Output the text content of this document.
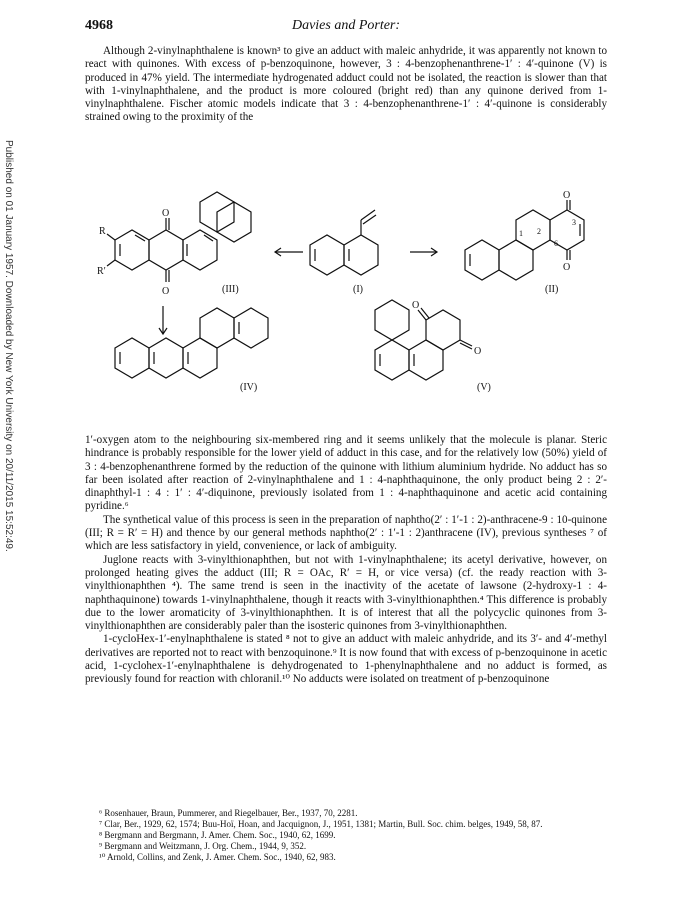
Published on 01 January 1957. Downloaded by New York University on 20/11/2015 15:52:49.
4968	Davies and Porter:

Although 2-vinylnaphthalene is known³ to give an adduct with maleic anhydride, it was apparently not known to react with quinones. With excess of p-benzoquinone, however, 3 : 4-benzophenanthrene-1′ : 4′-quinone (V) is produced in 47% yield. The intermediate hydrogenated adduct could not be isolated, the reaction is slower than that with 1-vinylnaphthalene, and the product is more coloured (bright red) than any quinone derived from 1-vinylnaphthalene. Fischer atomic models indicate that 3 : 4-benzophenanthrene-1′ : 4′-quinone is considerably strained owing to the proximity of the

(III)	(I)	(II)
(IV)	(V)
O
O
R
R′
O
O
O
O
2
3
6
1

1′-oxygen atom to the neighbouring six-membered ring and it seems unlikely that the molecule is planar. Steric hindrance is probably responsible for the lower yield of adduct in this case, and for the relatively low (50%) yield of 3 : 4-benzophenanthrene formed by the reduction of the quinone with lithium aluminium hydride. No adduct has so far been isolated after reaction of 2-vinylnaphthalene and 1 : 4-naphthaquinone, the only product being 2 : 2′-dinaphthyl-1 : 4 : 1′ : 4′-diquinone, previously isolated from 1 : 4-naphthaquinone and acetic acid containing pyridine.⁶

The synthetical value of this process is seen in the preparation of naphtho(2′ : 1′-1 : 2)-anthracene-9 : 10-quinone (III; R = R′ = H) and thence by our general methods naphtho(2′ : 1′-1 : 2)anthracene (IV), previous syntheses ⁷ of which are less satisfactory in yield, convenience, or lack of ambiguity.

Juglone reacts with 3-vinylthionaphthen, but not with 1-vinylnaphthalene; its acetyl derivative, however, on prolonged heating gives the adduct (III; R = OAc, R′ = H, or vice versa) (cf. the ready reaction with 3-vinylthionaphthen ⁴). The same trend is seen in the inactivity of the acetate of lawsone (2-hydroxy-1 : 4-naphthaquinone) towards 1-vinylnaphthalene, though it reacts with 3-vinylthionaphthen.⁴ This difference is probably due to the lower aromaticity of 3-vinylthionaphthen. It is of interest that all the polycyclic quinones from 3-vinylthionaphthen are considerably paler than the isosteric quinones from 3-vinylthionaphthen.

1-cycloHex-1′-enylnaphthalene is stated ⁸ not to give an adduct with maleic anhydride, and its 3′- and 4′-methyl derivatives are reported not to react with benzoquinone.⁹ It is now found that with excess of p-benzoquinone in acetic acid, 1-cyclohex-1′-enylnaphthalene is dehydrogenated to 1-phenylnaphthalene and no adduct is formed, as previously found for reaction with chloranil.¹⁰ No adducts were isolated on treatment of p-benzoquinone

⁶ Rosenhauer, Braun, Pummerer, and Riegelbauer, Ber., 1937, 70, 2281.

⁷ Clar, Ber., 1929, 62, 1574; Buu-Hoï, Hoan, and Jacquignon, J., 1951, 1381; Martin, Bull. Soc. chim. belges, 1949, 58, 87.

⁸ Bergmann and Bergmann, J. Amer. Chem. Soc., 1940, 62, 1699.

⁹ Bergmann and Weitzmann, J. Org. Chem., 1944, 9, 352.

¹⁰ Arnold, Collins, and Zenk, J. Amer. Chem. Soc., 1940, 62, 983.
